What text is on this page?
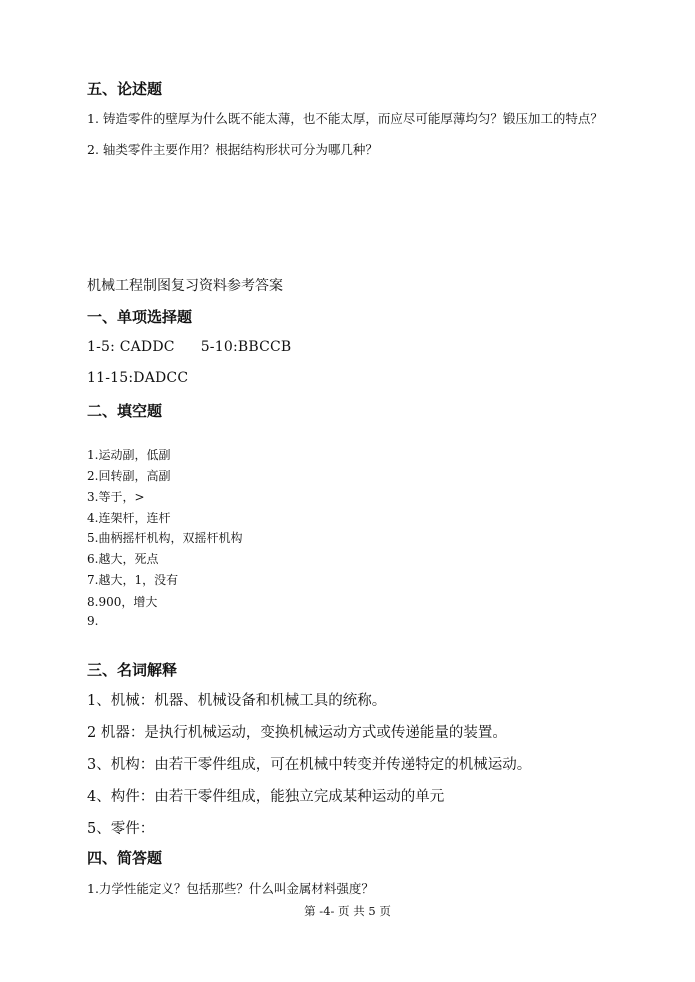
五、论述题
1. 铸造零件的壁厚为什么既不能太薄，也不能太厚，而应尽可能厚薄均匀？锻压加工的特点？
2. 轴类零件主要作用？根据结构形状可分为哪几种？
机械工程制图复习资料参考答案
一、单项选择题
1-5: CADDC 5-10:BBCCB
11-15:DADCC
二、填空题
1.运动副，低副
2.回转副，高副
3.等于，>
4.连架杆，连杆
5.曲柄摇杆机构，双摇杆机构
6.越大，死点
7.越大，1，没有
8.900，增大
9.
三、名词解释
1、机械：机器、机械设备和机械工具的统称。
2 机器：是执行机械运动，变换机械运动方式或传递能量的装置。
3、机构：由若干零件组成，可在机械中转变并传递特定的机械运动。
4、构件：由若干零件组成，能独立完成某种运动的单元
5、零件：
四、简答题
1.力学性能定义？包括那些？什么叫金属材料强度？
第 -4- 页 共 5 页
